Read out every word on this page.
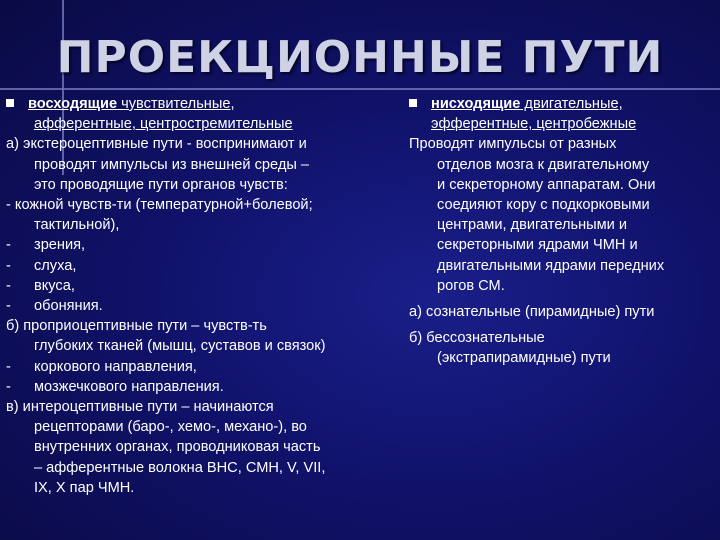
ПРОЕКЦИОННЫЕ ПУТИ
восходящие чувствительные,
афферентные, центростремительные
а) экстероцептивные пути - воспринимают и
проводят импульсы из внешней среды –
это проводящие пути органов чувств:
- кожной чувств-ти (температурной+болевой;
тактильной),
- зрения,
- слуха,
- вкуса,
- обоняния.
б) проприоцептивные пути – чувств-ть
глубоких тканей (мышц, суставов и связок)
- коркового направления,
- мозжечкового направления.
в) интероцептивные пути – начинаются
рецепторами (баро-, хемо-, механо-), во
внутренних органах, проводниковая часть
– афферентные волокна ВНС, СМН, V, VII,
IX, X пар ЧМН.
нисходящие двигательные,
эфферентные, центробежные
Проводят импульсы от разных
отделов мозга к двигательному
и секреторному аппаратам. Они
соедияют кору с подкорковыми
центрами, двигательными и
секреторными ядрами ЧМН и
двигательными ядрами передних
рогов СМ.
а) сознательные (пирамидные) пути
б) бессознательные
(экстрапирамидные) пути
